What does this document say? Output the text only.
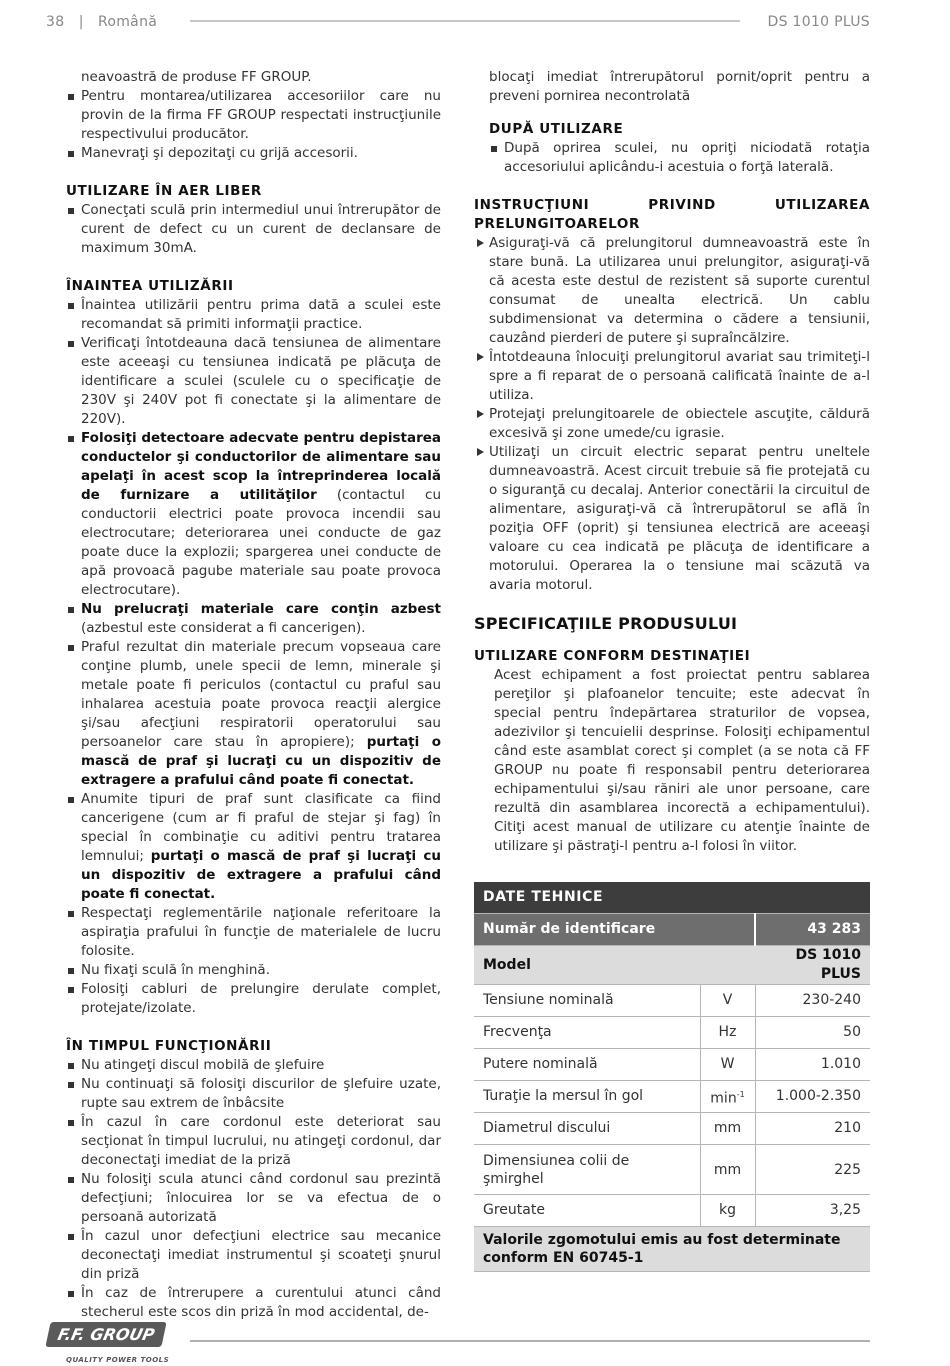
38 | Română	DS 1010 PLUS

neavoastră de produse FF GROUP.

Pentru montarea/utilizarea accesoriilor care nu provin de la firma FF GROUP respectati instrucţiunile respectivului producător.
Manevraţi şi depozitaţi cu grijă accesorii.

UTILIZARE ÎN AER LIBER

Conecţati sculă prin intermediul unui întrerupător de curent de defect cu un curent de declansare de maximum 30mA.

ÎNAINTEA UTILIZĂRII

Înaintea utilizării pentru prima dată a sculei este recomandat să primiti informaţii practice.
Verificaţi întotdeauna dacă tensiunea de alimentare este aceeaşi cu tensiunea indicată pe plăcuţa de identificare a sculei (sculele cu o specificaţie de 230V şi 240V pot fi conectate şi la alimentare de 220V).
Folosiţi detectoare adecvate pentru depistarea conductelor şi conductorilor de alimentare sau apelaţi în acest scop la întreprinderea locală de furnizare a utilităţilor (contactul cu conductorii electrici poate provoca incendii sau electrocutare; deteriorarea unei conducte de gaz poate duce la explozii; spargerea unei conducte de apă provoacă pagube materiale sau poate provoca electrocutare).
Nu prelucraţi materiale care conţin azbest (azbestul este considerat a fi cancerigen).
Praful rezultat din materiale precum vopseaua care conţine plumb, unele specii de lemn, minerale şi metale poate fi periculos (contactul cu praful sau inhalarea acestuia poate provoca reacţii alergice şi/sau afecţiuni respiratorii operatorului sau persoanelor care stau în apropiere); purtaţi o mască de praf şi lucraţi cu un dispozitiv de extragere a prafului când poate fi conectat.
Anumite tipuri de praf sunt clasificate ca fiind cancerigene (cum ar fi praful de stejar şi fag) în special în combinaţie cu aditivi pentru tratarea lemnului; purtaţi o mască de praf şi lucraţi cu un dispozitiv de extragere a prafului când poate fi conectat.
Respectaţi reglementările naţionale referitoare la aspiraţia prafului în funcţie de materialele de lucru folosite.
Nu fixaţi sculă în menghină.
Folosiţi cabluri de prelungire derulate complet, protejate/izolate.

ÎN TIMPUL FUNCŢIONĂRII

Nu atingeţi discul mobilă de şlefuire
Nu continuaţi să folosiţi discurilor de şlefuire uzate, rupte sau extrem de înbâcsite
În cazul în care cordonul este deteriorat sau secţionat în timpul lucrului, nu atingeţi cordonul, dar deconectaţi imediat de la priză
Nu folosiţi scula atunci când cordonul sau prezintă defecţiuni; înlocuirea lor se va efectua de o persoană autorizată
În cazul unor defecţiuni electrice sau mecanice deconectaţi imediat instrumentul şi scoateţi şnurul din priză
În caz de întrerupere a curentului atunci când stecherul este scos din priză în mod accidental, de-

blocaţi imediat întrerupătorul pornit/oprit pentru a preveni pornirea necontrolată

DUPĂ UTILIZARE

După oprirea sculei, nu opriţi niciodată rotaţia accesoriului aplicându-i acestuia o forţă laterală.

INSTRUCŢIUNI PRIVIND UTILIZAREA PRELUNGITOARELOR

Asiguraţi-vă că prelungitorul dumneavoastră este în stare bună. La utilizarea unui prelungitor, asiguraţi-vă că acesta este destul de rezistent să suporte curentul consumat de unealta electrică. Un cablu subdimensionat va determina o cădere a tensiunii, cauzând pierderi de putere şi supraîncălzire.
Întotdeauna înlocuiţi prelungitorul avariat sau trimiteţi-l spre a fi reparat de o persoană calificată înainte de a-l utiliza.
Protejaţi prelungitoarele de obiectele ascuţite, căldură excesivă şi zone umede/cu igrasie.
Utilizaţi un circuit electric separat pentru uneltele dumneavoastră. Acest circuit trebuie să fie protejată cu o siguranţă cu decalaj. Anterior conectării la circuitul de alimentare, asiguraţi-vă că întrerupătorul se află în poziţia OFF (oprit) şi tensiunea electrică are aceeaşi valoare cu cea indicată pe plăcuţa de identificare a motorului. Operarea la o tensiune mai scăzută va avaria motorul.

SPECIFICAŢIILE PRODUSULUI

UTILIZARE CONFORM DESTINAŢIEI

Acest echipament a fost proiectat pentru sablarea pereţilor şi plafoanelor tencuite; este adecvat în special pentru îndepărtarea straturilor de vopsea, adezivilor şi tencuielii desprinse. Folosiţi echipamentul când este asamblat corect şi complet (a se nota că FF GROUP nu poate fi responsabil pentru deteriorarea echipamentului şi/sau răniri ale unor persoane, care rezultă din asamblarea incorectă a echipamentului). Citiţi acest manual de utilizare cu atenţie înainte de utilizare şi păstraţi-l pentru a-l folosi în viitor.

DATE TEHNICE		
Număr de identificare		43 283
Model		DS 1010 PLUS
Tensiune nominală	V	230-240
Frecvenţa	Hz	50
Putere nominală	W	1.010
Turaţie la mersul în gol	$\min^{-1}$	1.000-2.350
Diametrul discului	mm	210
Dimensiunea colii de şmirghel	mm	225
Greutate	kg	3,25
Valorile zgomotului emis au fost determinate conform EN 60745-1		
F.F. GROUP
QUALITY POWER TOOLS
